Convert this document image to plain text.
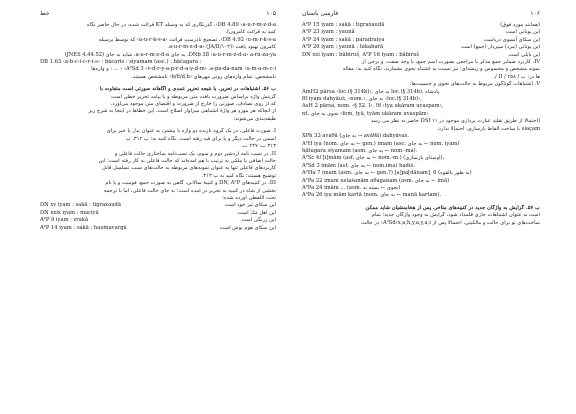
۱۰۵
خط
DB 4.89 ‹a-u-r-m-z-d-a›، گذرنگاری که به وسیله KT قرائت شده، در حال حاضر نگاه
کنید به قرائت کامرون).
DB 4.92 ‹u-m-r-k-s-a›، تصحیح نادرستِ قرائت ‹a-u-r-k-s-a› که توسط برسیله
کامرون بهبود یافت ‹a-u-r-m-z-d-a› (JA/II/۱۰۳).
DNb 38 ‹a-u-r-m-z-d-a› a-ru-za-ya، به جای a-u-r-m-z-d-a، شاید به جای (JNES 4.44.52)
DB 1.63 ‹a-b-c-i-c-r-i-s› : bācarīs : siyamam (asc.) : bāčagara :
A²Sd 3 ‹v-d-r-y-a-p-r-d-a-y-d-m› .a-pa-da-nam ‹u-m-a-m-c-i› - ... : و وازه‌ها
نامشخص، تمام وازه‌های رونی مهرهای ‹b/6/d,h› نامشخص هستند.
ب ۵۶. اشتباهات در تحریر. با نتیجه تحریر عمدی و آگاهانه صورتی است متفاوت با
گزینش واژه براساس ضرورت بافت متن مربوطه و یا پیامد تحریر خطی است
که از روی تصادف، صورتی را خارج از ضرورت و اقتضای متن موجود می‌آورد.
از آنجاکه هر موردِ هر واژهٔ اشتباهی سزاوار اصلاح است، این خطاها در اینجا به شرح زیر
طبقه‌بندی می‌شوند:
I. صورت فاعلی، در یک گروه تازنده دو واژه یا بیشتر، به عنوان بدل یا خبر برای
اسمی در حالت دیگر و یا برای قید رفته است. نگاه کنید به: پ ۳۱۲، پ
۳۱۳ ب، ۲۴۷ ب.
II. در نسب نامه اردشیر دوم و سوم، یک نسب‌نامه ساختاری حالت فاعلی و
حالت اضافی یا ملکی به ترتیب با هم آمده‌اند که حالت فاعلی به کار رفته است: این
کاربردهای فاعلی تنها به عنوان نمونه‌های مربوطه به حالت‌های سبب تسلسل قابل
توضیح هستند؛ نگاه کنید به پ ۳۱۳.
III. در کتیبه‌های DN, A²P و کتیبهٔ سالانی، گاهی به صورت جمع، فومیت و یا نام
بخشی از شاه در کتیبه به تحریر در آمده است؛ به جای حالت فاعلی، اما با ترجمه
تحت اللفظی آورده شده:
DN xv iyam : sakā : tigraxaudā	این سکای تیز خود است
DN xxix iyam : maciyā	این اهل مَکَ است
A²P 9 iyam : zrakā	این زرنگی است
A²P 14 iyam : sakā : haumavargā	این سکای هوم نوش است
۱۰۶
فارسی باستان
A²P 15 iyam : sakā : tigraxaudā	(همانند مورد فوق)
A²P 23 iyam : yaunā	این یونانی است
A²P 24 iyam : sakā : paradraiya	این سکای آنسوی دریاست
A²P 26 iyam : yaunā : takabarā	این یونانی (مزد) سپردار (جمع) است
DN xxi iyam : bābiruš, A²P 16 iyam : bābiruš	این بابلی است
IV. کاربرد ضمایر جمع مذکر با مراجعی بصورت اسم جمع، یا وجه صفت، و برخی از
نمونه مشخص و محسوس و ریشه‌ای؛ نیز نسبت به اشتباه نحوی بشمارند. نگاه کنید به: مقاله
ها در: ب / II / ۲۵۸ /.
V. اشتباهات گوناگون مربوط به حالت‌های نحوی و جنسیت‌ها:
AmH2 pārsa ‹loc.(§ 314b)›, به جای loc.(§ 314b). پادشاه
8f iyam dahyāuš, ‹nom.›, به جای ‹loc.(§ 314b)›.
AsH 2 pārsa, nom. ‹§ 52. I›, 9f ‹tya ukāram uvaspam›,
nt. نحوی به جای ‹fem, tyā, tyām ukāram uvaspām›
(احتمالاً از طریق تقلید عبارت پردازی موجود در DSf ۱۱ حاضر به نظر می رسد
siaçam با ساخت الفاظ بازسازی، احتمالاً ندارد.
XPh 33 avaθā (به جای → avāθā) dahyāvaš.
A²H iya (nom. به جای ← gen.) imam (asc. به جای ← nom. iyam)
hātugara siyamam (asm. به جای ← nom.-ma).
A²Sc 4f [i]mām (asf. به جای ← nom.-m.) (اوستای بازسازی)،
A²Sd 3 imām (asf. به جای ← nom.ima) hadiš.
A²Ha 7 imam (asm. به جای ← gen.?) [a]pa[dānam], 6 (به طور بالقوه)
A²Pa 22 imam ustašanām aθaganam (asm. به جای ← imā)
A³Pa 24 imām ... (asm. نحوی ← بسته به)
A³Pa 26 iya mām kartā (nom. به جای ← manā kartam).
ب ۵۷. گرایش به واژگان جدید در کتیبه‌های متأخر. پس از هخامنشیان شاید ممکن
است به عنوان اشتباهات جاری قلمداد شود، گرایش به وجود واژگان جدید؛ تمام
ساخت‌های تو برای حالت و مالکیتی، احتمالاً پس از A²Sd‹x,a,h,y,a,y,a,i› در حالت
